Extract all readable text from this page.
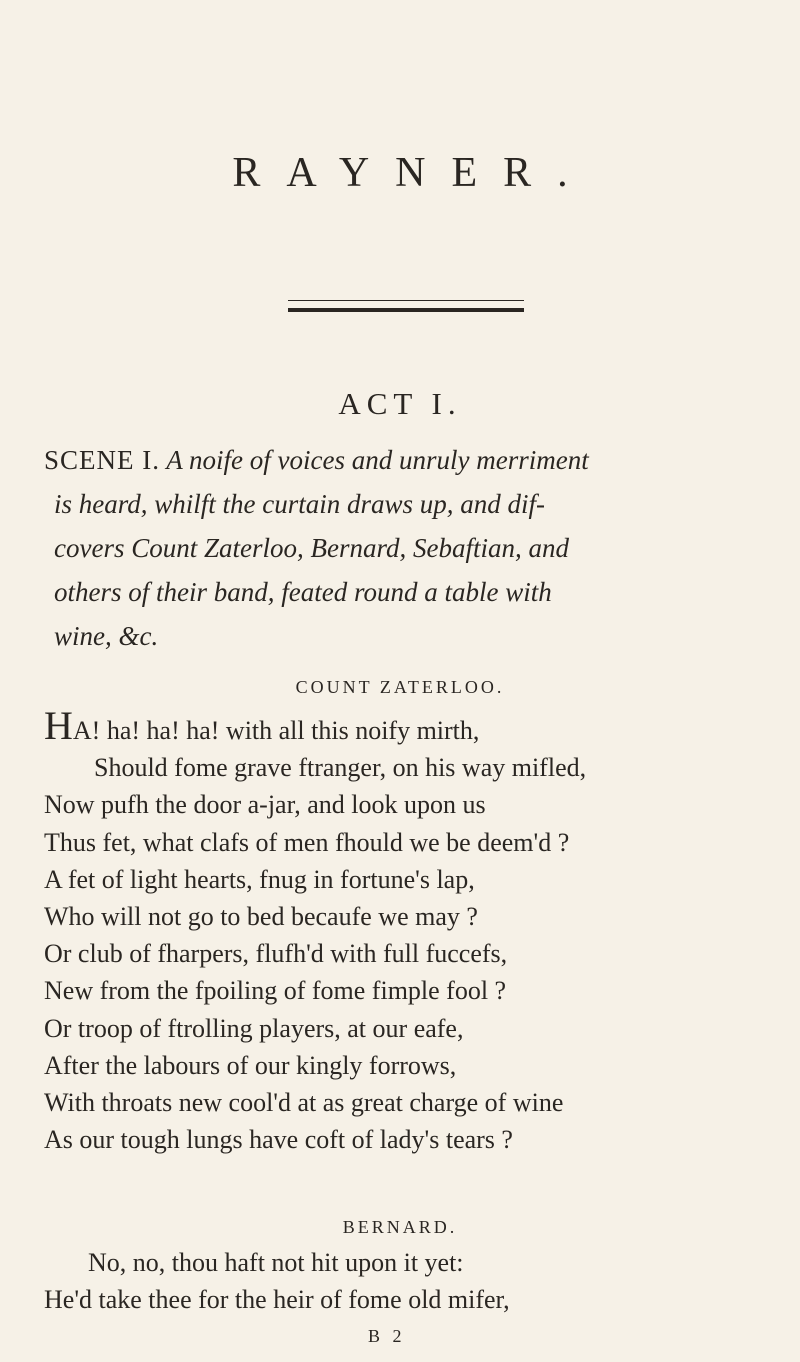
RAYNER.
ACT I.
SCENE I. A noife of voices and unruly merriment
is heard, whilft the curtain draws up, and dif-
covers Count Zaterloo, Bernard, Sebaftian, and
others of their band, feated round a table with
wine, &c.
COUNT ZATERLOO.
HA! ha! ha! ha! with all this noify mirth,
Should fome grave ftranger, on his way mifled,
Now pufh the door a-jar, and look upon us
Thus fet, what clafs of men fhould we be deem'd ?
A fet of light hearts, fnug in fortune's lap,
Who will not go to bed becaufe we may ?
Or club of fharpers, flufh'd with full fuccefs,
New from the fpoiling of fome fimple fool ?
Or troop of ftrolling players, at our eafe,
After the labours of our kingly forrows,
With throats new cool'd at as great charge of wine
As our tough lungs have coft of lady's tears ?
BERNARD.
No, no, thou haft not hit upon it yet:
He'd take thee for the heir of fome old mifer,
B 2
